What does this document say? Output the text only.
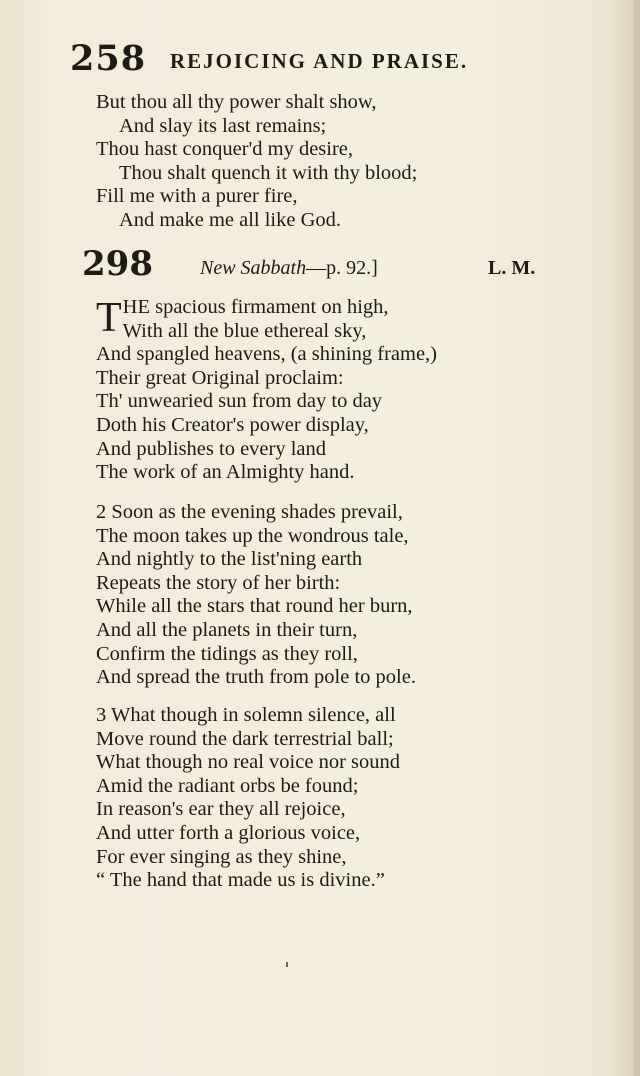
258 REJOICING AND PRAISE.
But thou all thy power shalt show,
And slay its last remains;
Thou hast conquer'd my desire,
Thou shalt quench it with thy blood;
Fill me with a purer fire,
And make me all like God.
298 New Sabbath—p. 92.]	L. M.
T HE spacious firmament on high,
With all the blue ethereal sky,
And spangled heavens, (a shining frame,)
Their great Original proclaim:
Th' unwearied sun from day to day
Doth his Creator's power display,
And publishes to every land
The work of an Almighty hand.
2 Soon as the evening shades prevail,
The moon takes up the wondrous tale,
And nightly to the list'ning earth
Repeats the story of her birth:
While all the stars that round her burn,
And all the planets in their turn,
Confirm the tidings as they roll,
And spread the truth from pole to pole.
3 What though in solemn silence, all
Move round the dark terrestrial ball;
What though no real voice nor sound
Amid the radiant orbs be found;
In reason's ear they all rejoice,
And utter forth a glorious voice,
For ever singing as they shine,
“ The hand that made us is divine.”
